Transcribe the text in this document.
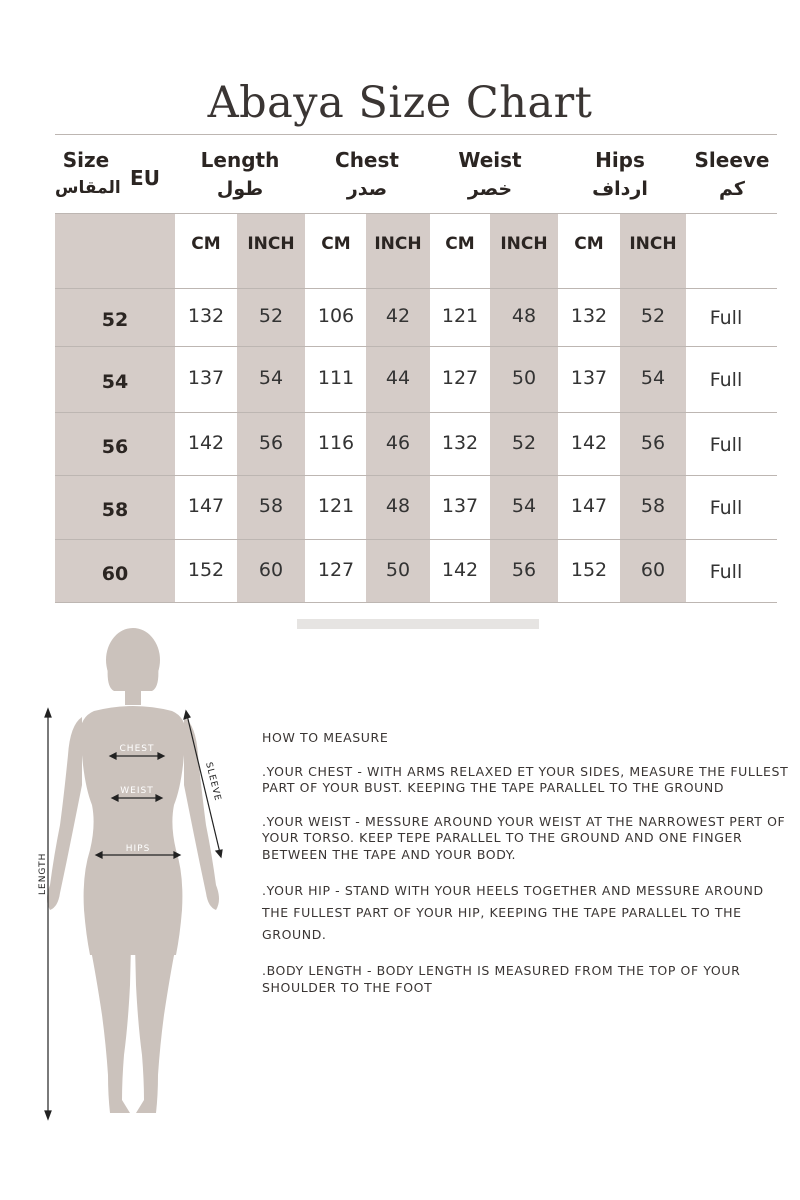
Abaya Size Chart
Size
المقاس EU
Length
طول
Chest
صدر
Weist
خصر
Hips
ارداف
Sleeve
كم
CM	INCH	CM	INCH	CM	INCH	CM	INCH
52	132	52	106	42	121	48	132	52	Full
54	137	54	111	44	127	50	137	54	Full
56	142	56	116	46	132	52	142	56	Full
58	147	58	121	48	137	54	147	58	Full
60	152	60	127	50	142	56	152	60	Full
CHEST
WEIST
HIPS
SLEEVE
LENGTH

HOW TO MEASURE

.YOUR CHEST - WITH ARMS RELAXED ET YOUR SIDES, MEASURE THE FULLEST PART OF YOUR BUST. KEEPING THE TAPE PARALLEL TO THE GROUND

.YOUR WEIST - MESSURE AROUND YOUR WEIST AT THE NARROWEST PERT OF YOUR TORSO. KEEP TEPE PARALLEL TO THE GROUND AND ONE FINGER BETWEEN THE TAPE AND YOUR BODY.

.YOUR HIP - STAND WITH YOUR HEELS TOGETHER AND MESSURE AROUND THE FULLEST PART OF YOUR HIP, KEEPING THE TAPE PARALLEL TO THE GROUND.

.BODY LENGTH - BODY LENGTH IS MEASURED FROM THE TOP OF YOUR SHOULDER TO THE FOOT
